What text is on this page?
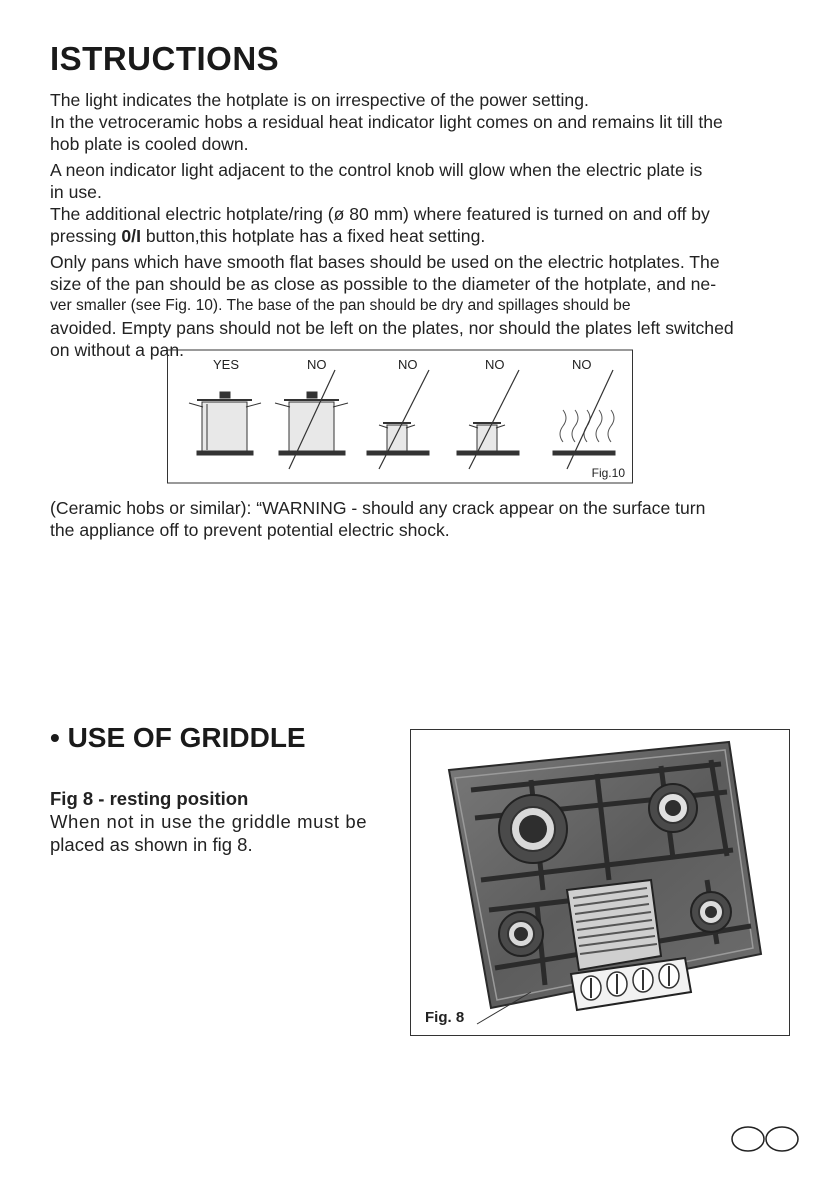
ISTRUCTIONS

The light indicates the hotplate is on irrespective of the power setting.
In the vetroceramic hobs a residual heat indicator light comes on and remains lit till the
hob plate is cooled down.

A neon indicator light adjacent to the control knob will glow when the electric plate is
in use.
The additional electric hotplate/ring (ø 80 mm) where featured is turned on and off by
pressing 0/I button,this hotplate has a fixed heat setting.

Only pans which have smooth flat bases should be used on the electric hotplates. The
size of the pan should be as close as possible to the diameter of the hotplate, and ne-
ver smaller (see Fig. 10). The base of the pan should be dry and spillages should be
avoided. Empty pans should not be left on the plates, nor should the plates left switched
on without a pan.

YES	NO	NO	NO	NO
Fig.10

(Ceramic hobs or similar): “WARNING - should any crack appear on the surface turn
the appliance off to prevent potential electric shock.

• USE OF GRIDDLE
Fig 8 - resting position

When not in use the griddle must be
placed as shown in fig 8.

Fig. 8
